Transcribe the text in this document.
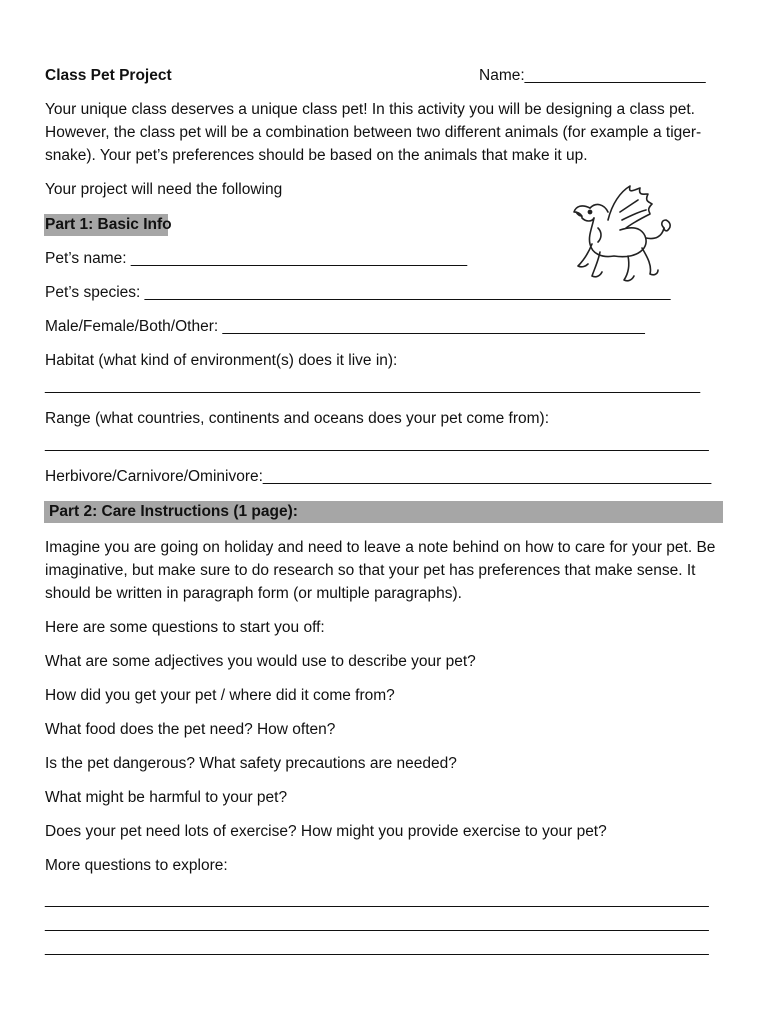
Class Pet Project	Name:_____________________
Your unique class deserves a unique class pet! In this activity you will be designing a class pet. However, the class pet will be a combination between two different animals (for example a tiger-snake). Your pet’s preferences should be based on the animals that make it up.
Your project will need the following
Part 1: Basic Info
Pet’s name: _______________________________________
Pet’s species: _____________________________________________________________
Male/Female/Both/Other: _________________________________________________
Habitat (what kind of environment(s) does it live in):
____________________________________________________________________________
Range (what countries, continents and oceans does your pet come from):
_____________________________________________________________________________
Herbivore/Carnivore/Ominivore:____________________________________________________
Part 2: Care Instructions (1 page):
Imagine you are going on holiday and need to leave a note behind on how to care for your pet. Be imaginative, but make sure to do research so that your pet has preferences that make sense. It should be written in paragraph form (or multiple paragraphs).
Here are some questions to start you off:
What are some adjectives you would use to describe your pet?
How did you get your pet / where did it come from?
What food does the pet need? How often?
Is the pet dangerous? What safety precautions are needed?
What might be harmful to your pet?
Does your pet need lots of exercise? How might you provide exercise to your pet?
More questions to explore:
_____________________________________________________________________________
_____________________________________________________________________________
_____________________________________________________________________________
